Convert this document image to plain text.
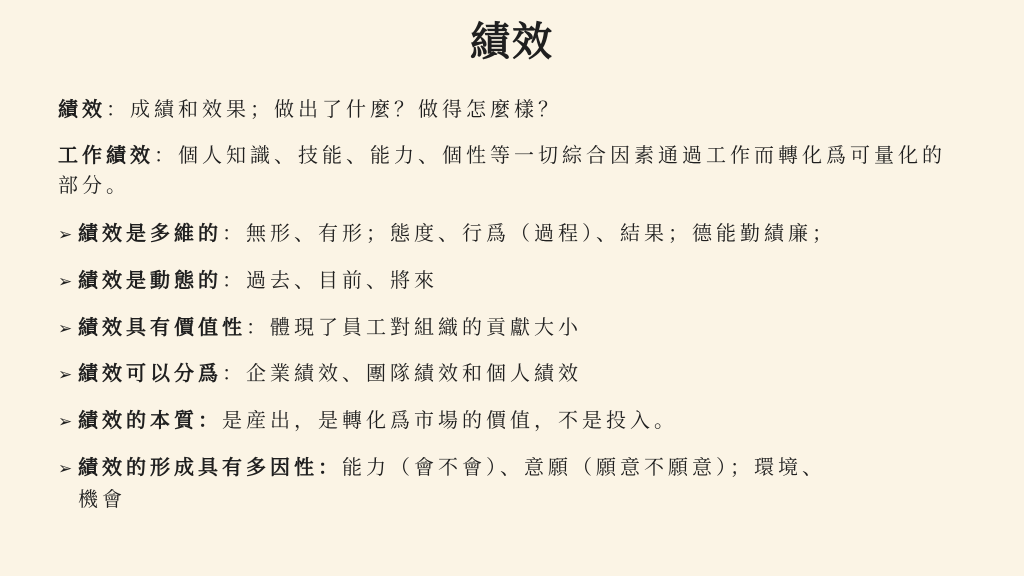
績效
績效：成績和效果；做出了什麼？做得怎麼樣？
工作績效：個人知識、技能、能力、個性等一切綜合因素通過工作而轉化爲可量化的部分。
➢ 績效是多維的：無形、有形；態度、行爲（過程）、結果；德能勤績廉；
➢ 績效是動態的：過去、目前、將來
➢ 績效具有價值性：體現了員工對組織的貢獻大小
➢ 績效可以分爲：企業績效、團隊績效和個人績效
➢ 績效的本質：是産出，是轉化爲市場的價值，不是投入。
➢ 績效的形成具有多因性：能力（會不會）、意願（願意不願意）；環境、
機會
